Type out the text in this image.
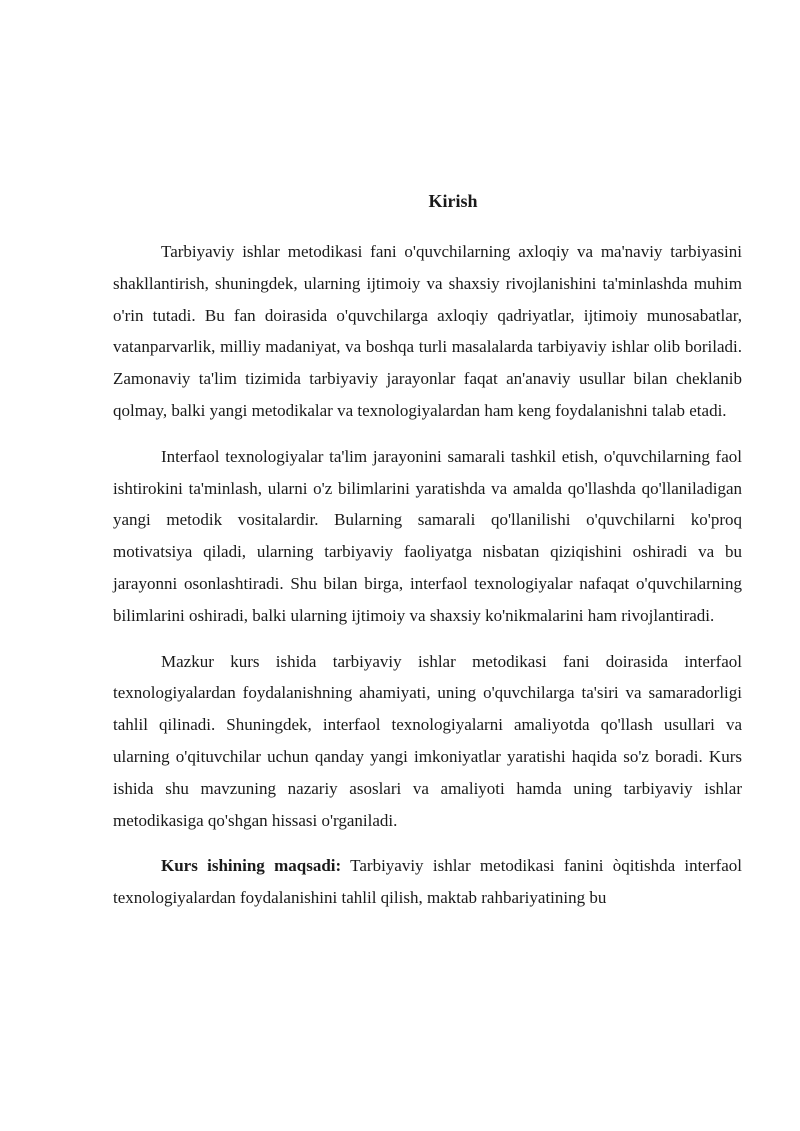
Kirish

Tarbiyaviy ishlar metodikasi fani o'quvchilarning axloqiy va ma'naviy tarbiyasini shakllantirish, shuningdek, ularning ijtimoiy va shaxsiy rivojlanishini ta'minlashda muhim o'rin tutadi. Bu fan doirasida o'quvchilarga axloqiy qadriyatlar, ijtimoiy munosabatlar, vatanparvarlik, milliy madaniyat, va boshqa turli masalalarda tarbiyaviy ishlar olib boriladi. Zamonaviy ta'lim tizimida tarbiyaviy jarayonlar faqat an'anaviy usullar bilan cheklanib qolmay, balki yangi metodikalar va texnologiyalardan ham keng foydalanishni talab etadi.

Interfaol texnologiyalar ta'lim jarayonini samarali tashkil etish, o'quvchilarning faol ishtirokini ta'minlash, ularni o'z bilimlarini yaratishda va amalda qo'llashda qo'llaniladigan yangi metodik vositalardir. Bularning samarali qo'llanilishi o'quvchilarni ko'proq motivatsiya qiladi, ularning tarbiyaviy faoliyatga nisbatan qiziqishini oshiradi va bu jarayonni osonlashtiradi. Shu bilan birga, interfaol texnologiyalar nafaqat o'quvchilarning bilimlarini oshiradi, balki ularning ijtimoiy va shaxsiy ko'nikmalarini ham rivojlantiradi.

Mazkur kurs ishida tarbiyaviy ishlar metodikasi fani doirasida interfaol texnologiyalardan foydalanishning ahamiyati, uning o'quvchilarga ta'siri va samaradorligi tahlil qilinadi. Shuningdek, interfaol texnologiyalarni amaliyotda qo'llash usullari va ularning o'qituvchilar uchun qanday yangi imkoniyatlar yaratishi haqida so'z boradi. Kurs ishida shu mavzuning nazariy asoslari va amaliyoti hamda uning tarbiyaviy ishlar metodikasiga qo'shgan hissasi o'rganiladi.

Kurs ishining maqsadi: Tarbiyaviy ishlar metodikasi fanini òqitishda interfaol texnologiyalardan foydalanishini tahlil qilish, maktab rahbariyatining bu
